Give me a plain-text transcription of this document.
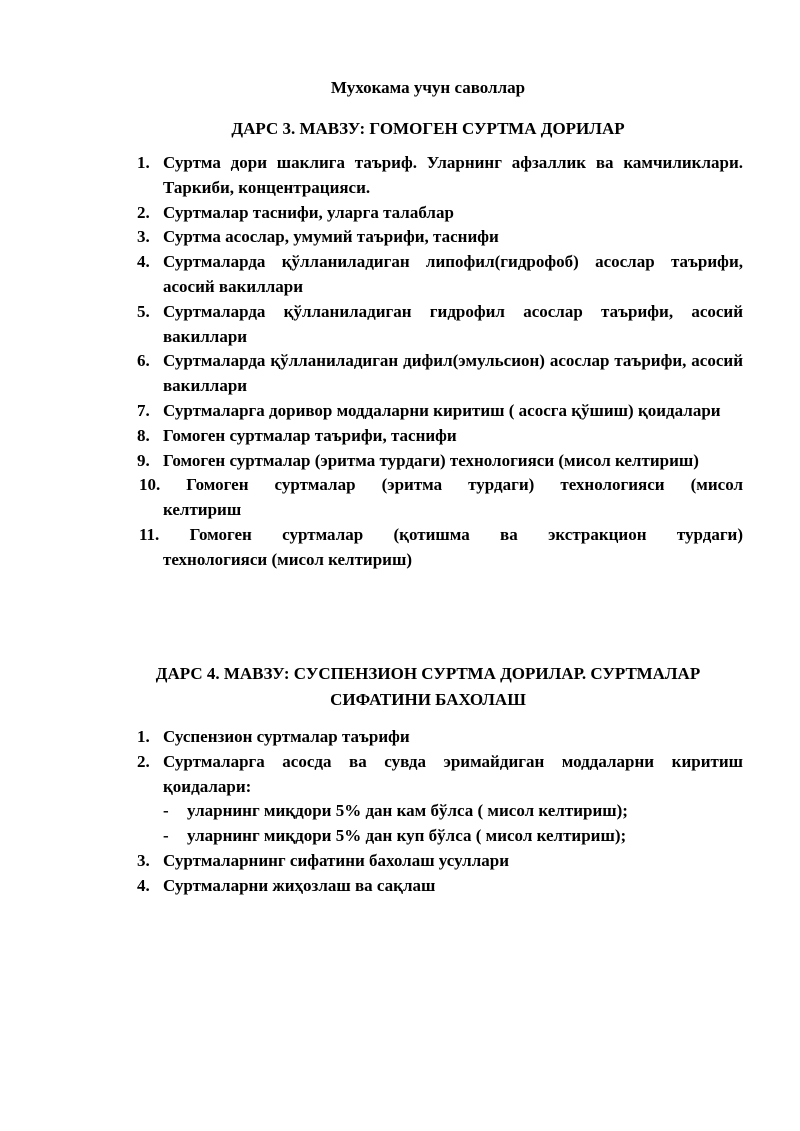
Мухокама учун саволлар

ДАРС 3. МАВЗУ: ГОМОГЕН СУРТМА ДОРИЛАР

1. Суртма дори шаклига таъриф. Уларнинг афзаллик ва камчиликлари. Таркиби, концентрацияси.
2. Суртмалар таснифи, уларга талаблар
3. Суртма асослар, умумий таърифи, таснифи
4. Суртмаларда қўлланиладиган липофил(гидрофоб) асослар таърифи, асосий вакиллари
5. Суртмаларда қўлланиладиган гидрофил асослар таърифи, асосий вакиллари
6. Суртмаларда қўлланиладиган дифил(эмульсион) асослар таърифи, асосий вакиллари
7. Суртмаларга доривор моддаларни киритиш ( асосга қўшиш) қоидалари
8. Гомоген суртмалар таърифи, таснифи
9. Гомоген суртмалар (эритма турдаги) технологияси (мисол келтириш)
10. Гомоген суртмалар (эритма турдаги) технологияси (мисол
келтириш
11. Гомоген суртмалар (қотишма ва экстракцион турдаги)
технологияси (мисол келтириш)
ДАРС 4. МАВЗУ: СУСПЕНЗИОН СУРТМА ДОРИЛАР. СУРТМАЛАР
СИФАТИНИ БАХОЛАШ
1. Суспензион суртмалар таърифи
2. Суртмаларга асосда ва сувда эримайдиган моддаларни киритиш қоидалари:
- уларнинг миқдори 5% дан кам бўлса ( мисол келтириш);
- уларнинг миқдори 5% дан куп бўлса ( мисол келтириш);
3. Суртмаларнинг сифатини бахолаш усуллари
4. Суртмаларни жиҳозлаш ва сақлаш
